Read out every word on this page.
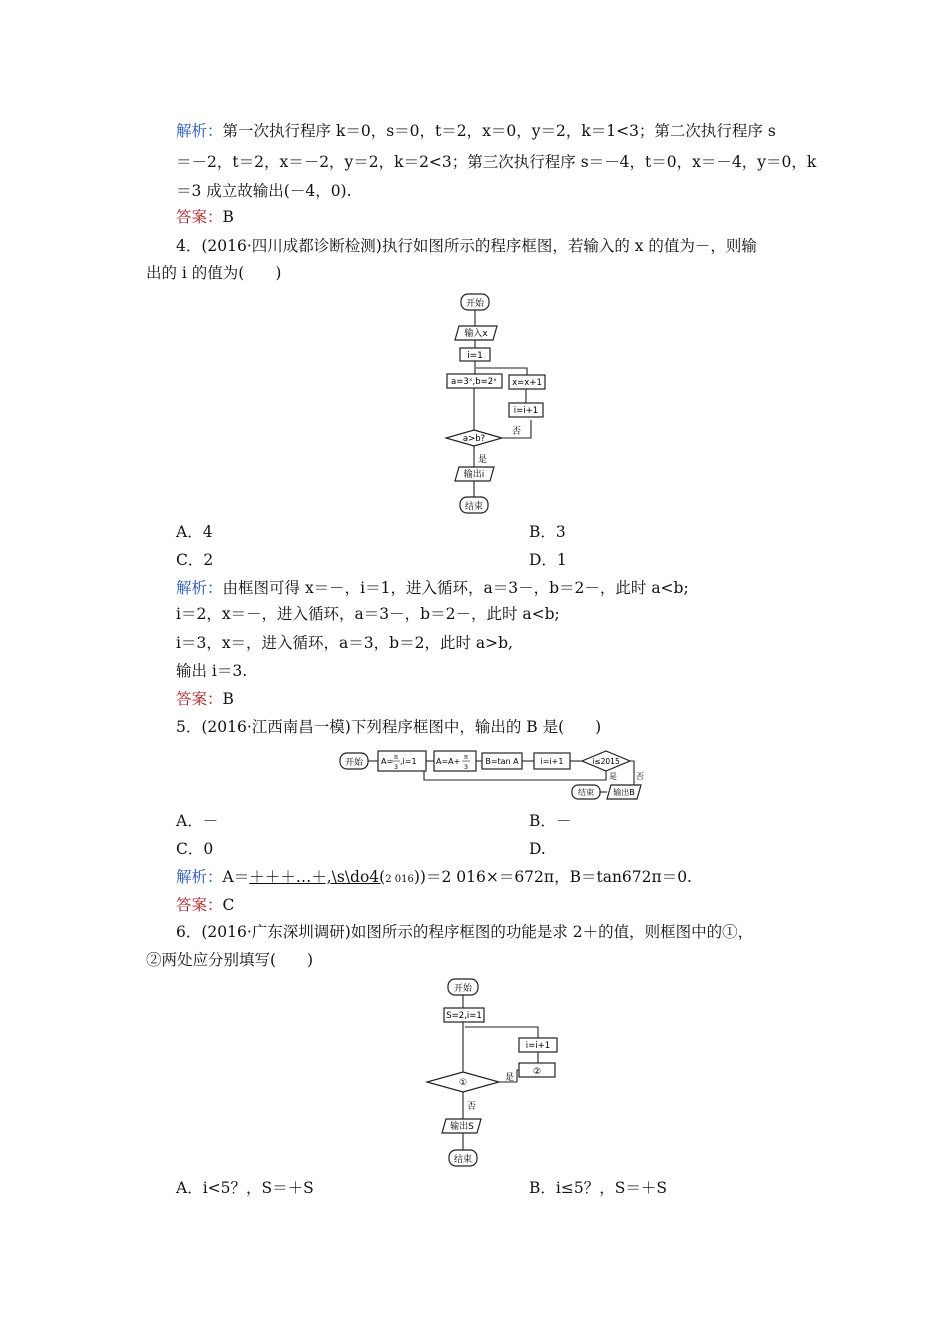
解析：第一次执行程序 k＝0，s＝0，t＝2，x＝0，y＝2，k＝1<3；第二次执行程序 s
＝－2，t＝2，x＝－2，y＝2，k＝2<3；第三次执行程序 s＝－4，t＝0，x＝－4，y＝0，k
＝3 成立故输出(－4，0).
答案：B
4．(2016·四川成都诊断检测)执行如图所示的程序框图，若输入的 x 的值为－，则输
出的 i 的值为(　　)
开始
输入x
i=1
a=3ˣ,b=2ˣ
a>b?
否
i=i+1
x=x+1
是
输出i
结束
A．4	B．3
C．2	D．1
解析：由框图可得 x＝－，i＝1，进入循环，a＝3－，b＝2－，此时 a<b;
i＝2，x＝－，进入循环，a＝3－，b＝2－，此时 a<b;
i＝3，x＝，进入循环，a＝3，b＝2，此时 a>b,
输出 i＝3.
答案：B
5．(2016·江西南昌一模)下列程序框图中，输出的 B 是(　　)
开始 A= π
3
,i=1 A=A+ π
3
B=tan A	i=i+1	i≤2015
是 否
输出B
结束
A．－	B．－
C．0	D.
解析：A＝＋＋＋…＋,\s\do4(2 016))＝2 016×＝672π，B＝tan672π＝0.
答案：C
6．(2016·广东深圳调研)如图所示的程序框图的功能是求 2＋的值，则框图中的①，
②两处应分别填写(　　)
开始
S=2,i=1
i=i+1
②
是
①
否
输出S
结束
A．i<5？，S＝＋S	B．i≤5？，S＝＋S
